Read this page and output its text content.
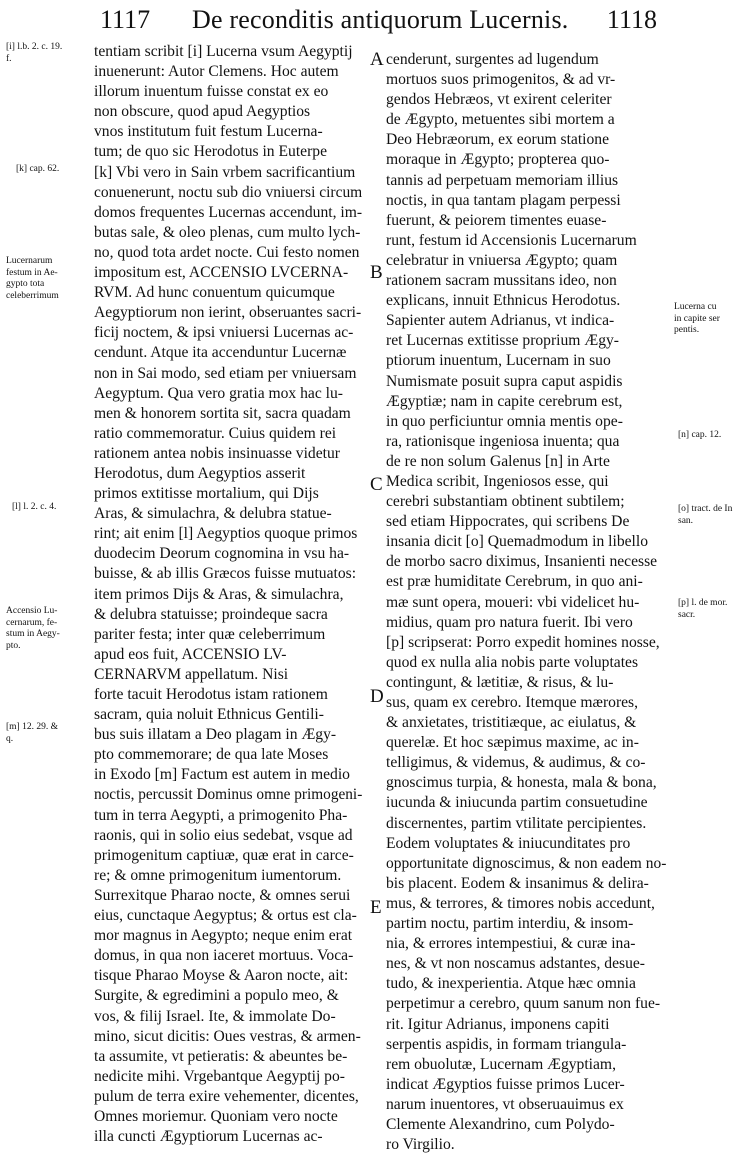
1117 De reconditis antiquorum Lucernis. 1118
tentiam scribit [i] Lucerna vsum Aegyptij
inuenerunt: Autor Clemens. Hoc autem
illorum inuentum fuisse constat ex eo
non obscure, quod apud Aegyptios
vnos institutum fuit festum Lucerna-
tum; de quo sic Herodotus in Euterpe
[k] Vbi vero in Sain vrbem sacrificantium
conuenerunt, noctu sub dio vniuersi circum
domos frequentes Lucernas accendunt, im-
butas sale, & oleo plenas, cum multo lych-
no, quod tota ardet nocte. Cui festo nomen
impositum est, ACCENSIO LVCERNA-
RVM. Ad hunc conuentum quicumque
Aegyptiorum non ierint, obseruantes sacri-
ficij noctem, & ipsi vniuersi Lucernas ac-
cendunt. Atque ita accenduntur Lucernæ
non in Sai modo, sed etiam per vniuersam
Aegyptum. Qua vero gratia mox hac lu-
men & honorem sortita sit, sacra quadam
ratio commemoratur. Cuius quidem rei
rationem antea nobis insinuasse videtur
Herodotus, dum Aegyptios asserit
primos extitisse mortalium, qui Dijs
Aras, & simulachra, & delubra statue-
rint; ait enim [l] Aegyptios quoque primos
duodecim Deorum cognomina in vsu ha-
buisse, & ab illis Græcos fuisse mutuatos:
item primos Dijs & Aras, & simulachra,
& delubra statuisse; proindeque sacra
pariter festa; inter quæ celeberrimum
apud eos fuit, ACCENSIO LV-
CERNARVM appellatum. Nisi
forte tacuit Herodotus istam rationem
sacram, quia noluit Ethnicus Gentili-
bus suis illatam a Deo plagam in Ægy-
pto commemorare; de qua late Moses
in Exodo [m] Factum est autem in medio
noctis, percussit Dominus omne primogeni-
tum in terra Aegypti, a primogenito Pha-
raonis, qui in solio eius sedebat, vsque ad
primogenitum captiuæ, quæ erat in carce-
re; & omne primogenitum iumentorum.
Surrexitque Pharao nocte, & omnes serui
eius, cunctaque Aegyptus; & ortus est cla-
mor magnus in Aegypto; neque enim erat
domus, in qua non iaceret mortuus. Voca-
tisque Pharao Moyse & Aaron nocte, ait:
Surgite, & egredimini a populo meo, &
vos, & filij Israel. Ite, & immolate Do-
mino, sicut dicitis: Oues vestras, & armen-
ta assumite, vt petieratis: & abeuntes be-
nedicite mihi. Vrgebantque Aegyptij po-
pulum de terra exire vehementer, dicentes,
Omnes moriemur. Quoniam vero nocte
illa cuncti Ægyptiorum Lucernas ac-
cenderunt, surgentes ad lugendum
mortuos suos primogenitos, & ad vr-
gendos Hebræos, vt exirent celeriter
de Ægypto, metuentes sibi mortem a
Deo Hebræorum, ex eorum statione
moraque in Ægypto; propterea quo-
tannis ad perpetuam memoriam illius
noctis, in qua tantam plagam perpessi
fuerunt, & peiorem timentes euase-
runt, festum id Accensionis Lucernarum
celebratur in vniuersa Ægypto; quam
rationem sacram mussitans ideo, non
explicans, innuit Ethnicus Herodotus.
Sapienter autem Adrianus, vt indica-
ret Lucernas extitisse proprium Ægy-
ptiorum inuentum, Lucernam in suo
Numismate posuit supra caput aspidis
Ægyptiæ; nam in capite cerebrum est,
in quo perficiuntur omnia mentis ope-
ra, rationisque ingeniosa inuenta; qua
de re non solum Galenus [n] in Arte
Medica scribit, Ingeniosos esse, qui
cerebri substantiam obtinent subtilem;
sed etiam Hippocrates, qui scribens De
insania dicit [o] Quemadmodum in libello
de morbo sacro diximus, Insanienti necesse
est præ humiditate Cerebrum, in quo ani-
mæ sunt opera, moueri: vbi videlicet hu-
midius, quam pro natura fuerit. Ibi vero
[p] scripserat: Porro expedit homines nosse,
quod ex nulla alia nobis parte voluptates
contingunt, & lætitiæ, & risus, & lu-
sus, quam ex cerebro. Itemque mærores,
& anxietates, tristitiæque, ac eiulatus, &
querelæ. Et hoc sæpimus maxime, ac in-
telligimus, & videmus, & audimus, & co-
gnoscimus turpia, & honesta, mala & bona,
iucunda & iniucunda partim consuetudine
discernentes, partim vtilitate percipientes.
Eodem voluptates & iniucunditates pro
opportunitate dignoscimus, & non eadem no-
bis placent. Eodem & insanimus & delira-
mus, & terrores, & timores nobis accedunt,
partim noctu, partim interdiu, & insom-
nia, & errores intempestiui, & curæ ina-
nes, & vt non noscamus adstantes, desue-
tudo, & inexperientia. Atque hæc omnia
perpetimur a cerebro, quum sanum non fue-
rit. Igitur Adrianus, imponens capiti
serpentis aspidis, in formam triangula-
rem obuolutæ, Lucernam Ægyptiam,
indicat Ægyptios fuisse primos Lucer-
narum inuentores, vt obseruauimus ex
Clemente Alexandrino, cum Polydo-
ro Virgilio.
A
B
C
D
E
[i] l.b. 2. c. 19.
f.
[k] cap. 62.
Lucernarum
festum in Ae-
gypto tota
celeberrimum
[l] l. 2. c. 4.
Accensio Lu-
cernarum, fe-
stum in Aegy-
pto.
[m] 12. 29. &
q.
Lucerna cu
in capite ser
pentis.
[n] cap. 12.
[o] tract. de In
san.
[p] l. de mor.
sacr.
